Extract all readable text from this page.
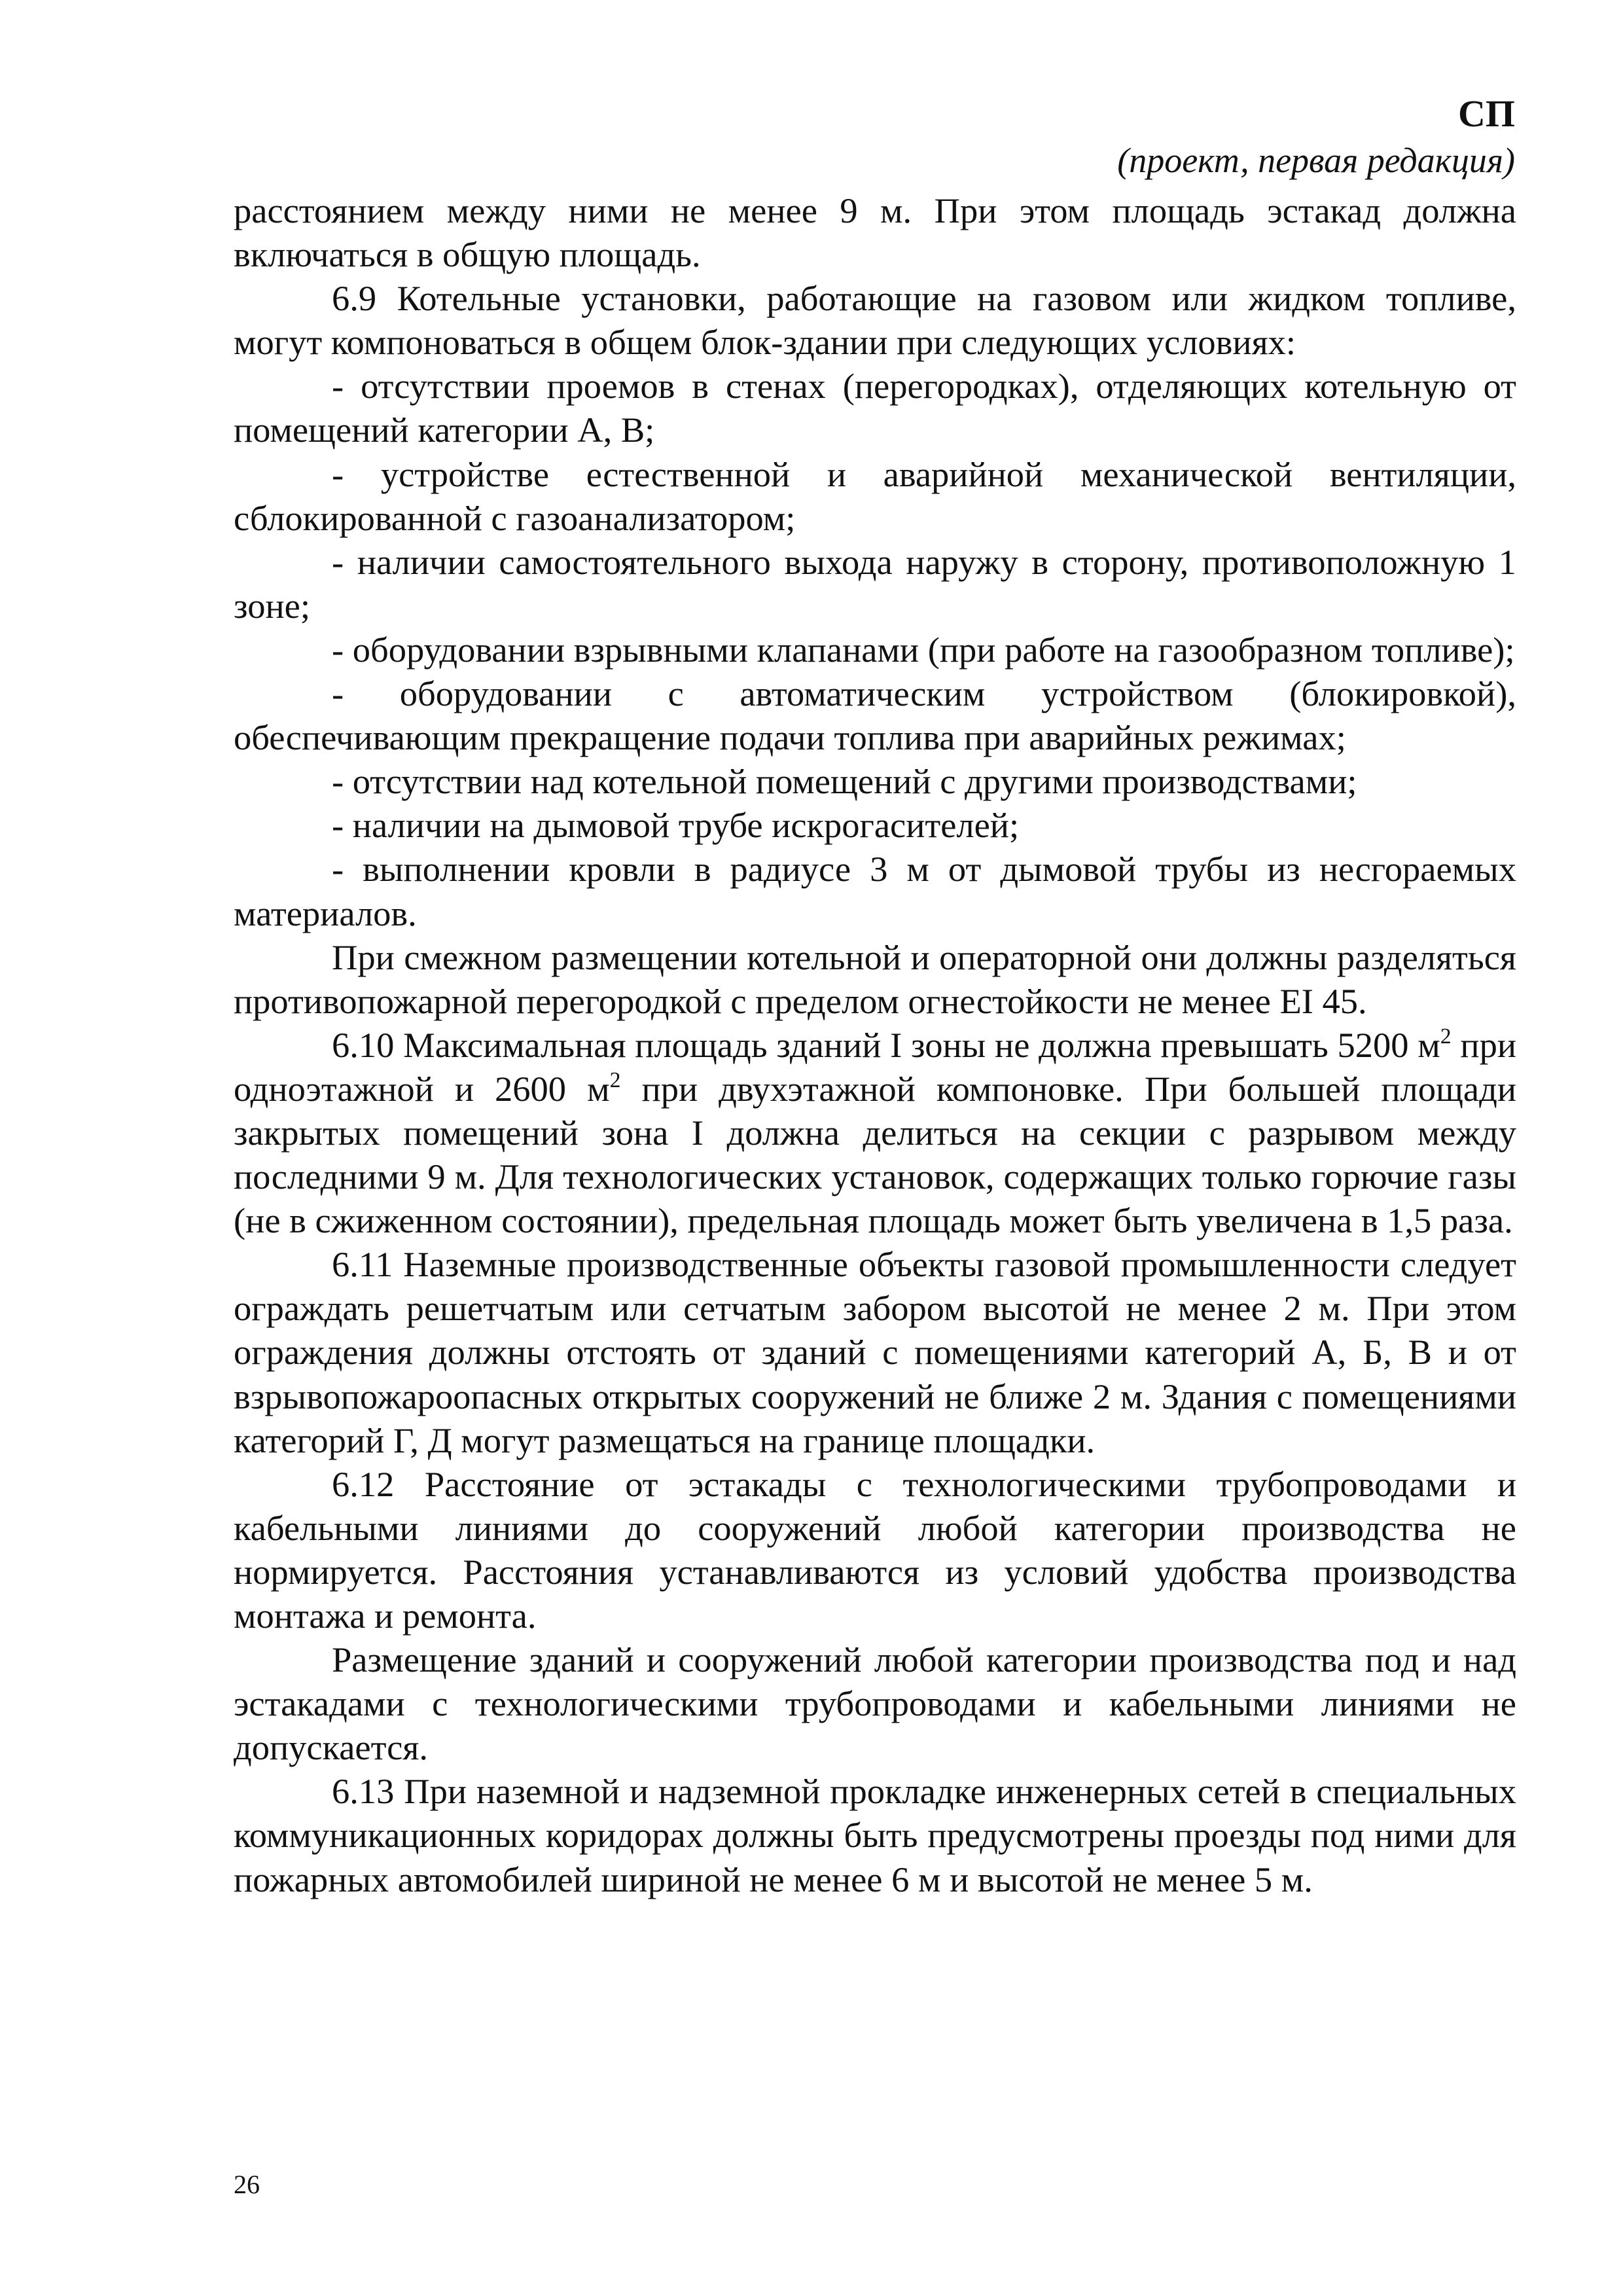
СП
(проект, первая редакция)

расстоянием между ними не менее 9 м. При этом площадь эстакад должна включаться в общую площадь.

6.9 Котельные установки, работающие на газовом или жидком топливе, могут компоноваться в общем блок-здании при следующих условиях:

- отсутствии проемов в стенах (перегородках), отделяющих котельную от помещений категории А, В;

- устройстве естественной и аварийной механической вентиляции, сблокированной с газоанализатором;

- наличии самостоятельного выхода наружу в сторону, противоположную 1 зоне;

- оборудовании взрывными клапанами (при работе на газообразном топливе);

- оборудовании с автоматическим устройством (блокировкой), обеспечивающим прекращение подачи топлива при аварийных режимах;

- отсутствии над котельной помещений с другими производствами;

- наличии на дымовой трубе искрогасителей;

- выполнении кровли в радиусе 3 м от дымовой трубы из несгораемых материалов.

При смежном размещении котельной и операторной они должны разделяться противопожарной перегородкой с пределом огнестойкости не менее EI 45.

6.10 Максимальная площадь зданий I зоны не должна превышать 5200 $м^2$ при одноэтажной и 2600 $м^2$ при двухэтажной компоновке. При большей площади закрытых помещений зона I должна делиться на секции с разрывом между последними 9 м. Для технологических установок, содержащих только горючие газы (не в сжиженном состоянии), предельная площадь может быть увеличена в 1,5 раза.

6.11 Наземные производственные объекты газовой промышленности следует ограждать решетчатым или сетчатым забором высотой не менее 2 м. При этом ограждения должны отстоять от зданий с помещениями категорий А, Б, В и от взрывопожароопасных открытых сооружений не ближе 2 м. Здания с помещениями категорий Г, Д могут размещаться на границе площадки.

6.12 Расстояние от эстакады с технологическими трубопроводами и кабельными линиями до сооружений любой категории производства не нормируется. Расстояния устанавливаются из условий удобства производства монтажа и ремонта.

Размещение зданий и сооружений любой категории производства под и над эстакадами с технологическими трубопроводами и кабельными линиями не допускается.

6.13 При наземной и надземной прокладке инженерных сетей в специальных коммуникационных коридорах должны быть предусмотрены проезды под ними для пожарных автомобилей шириной не менее 6 м и высотой не менее 5 м.

26
